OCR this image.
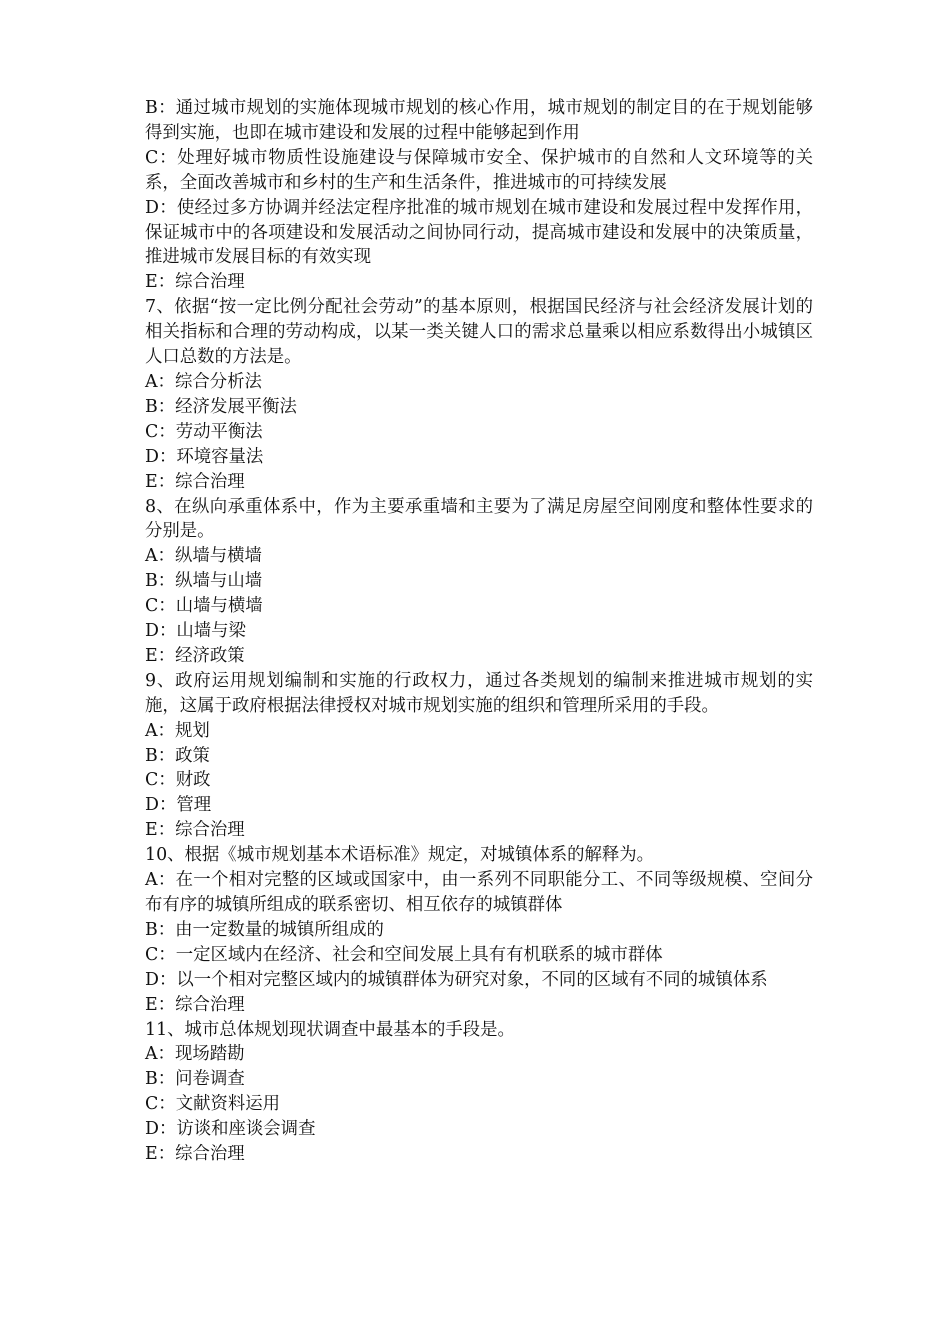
B：通过城市规划的实施体现城市规划的核心作用，城市规划的制定目的在于规划能够得到实施，也即在城市建设和发展的过程中能够起到作用

C：处理好城市物质性设施建设与保障城市安全、保护城市的自然和人文环境等的关系，全面改善城市和乡村的生产和生活条件，推进城市的可持续发展

D：使经过多方协调并经法定程序批准的城市规划在城市建设和发展过程中发挥作用，保证城市中的各项建设和发展活动之间协同行动，提高城市建设和发展中的决策质量，推进城市发展目标的有效实现

E：综合治理

7、依据“按一定比例分配社会劳动”的基本原则，根据国民经济与社会经济发展计划的相关指标和合理的劳动构成，以某一类关键人口的需求总量乘以相应系数得出小城镇区人口总数的方法是。

A：综合分析法

B：经济发展平衡法

C：劳动平衡法

D：环境容量法

E：综合治理

8、在纵向承重体系中，作为主要承重墙和主要为了满足房屋空间刚度和整体性要求的分别是。

A：纵墙与横墙

B：纵墙与山墙

C：山墙与横墙

D：山墙与梁

E：经济政策

9、政府运用规划编制和实施的行政权力，通过各类规划的编制来推进城市规划的实施，这属于政府根据法律授权对城市规划实施的组织和管理所采用的手段。

A：规划

B：政策

C：财政

D：管理

E：综合治理

10、根据《城市规划基本术语标准》规定，对城镇体系的解释为。

A：在一个相对完整的区域或国家中，由一系列不同职能分工、不同等级规模、空间分布有序的城镇所组成的联系密切、相互依存的城镇群体

B：由一定数量的城镇所组成的

C：一定区域内在经济、社会和空间发展上具有有机联系的城市群体

D：以一个相对完整区域内的城镇群体为研究对象，不同的区域有不同的城镇体系

E：综合治理

11、城市总体规划现状调查中最基本的手段是。

A：现场踏勘

B：问卷调查

C：文献资料运用

D：访谈和座谈会调查

E：综合治理
